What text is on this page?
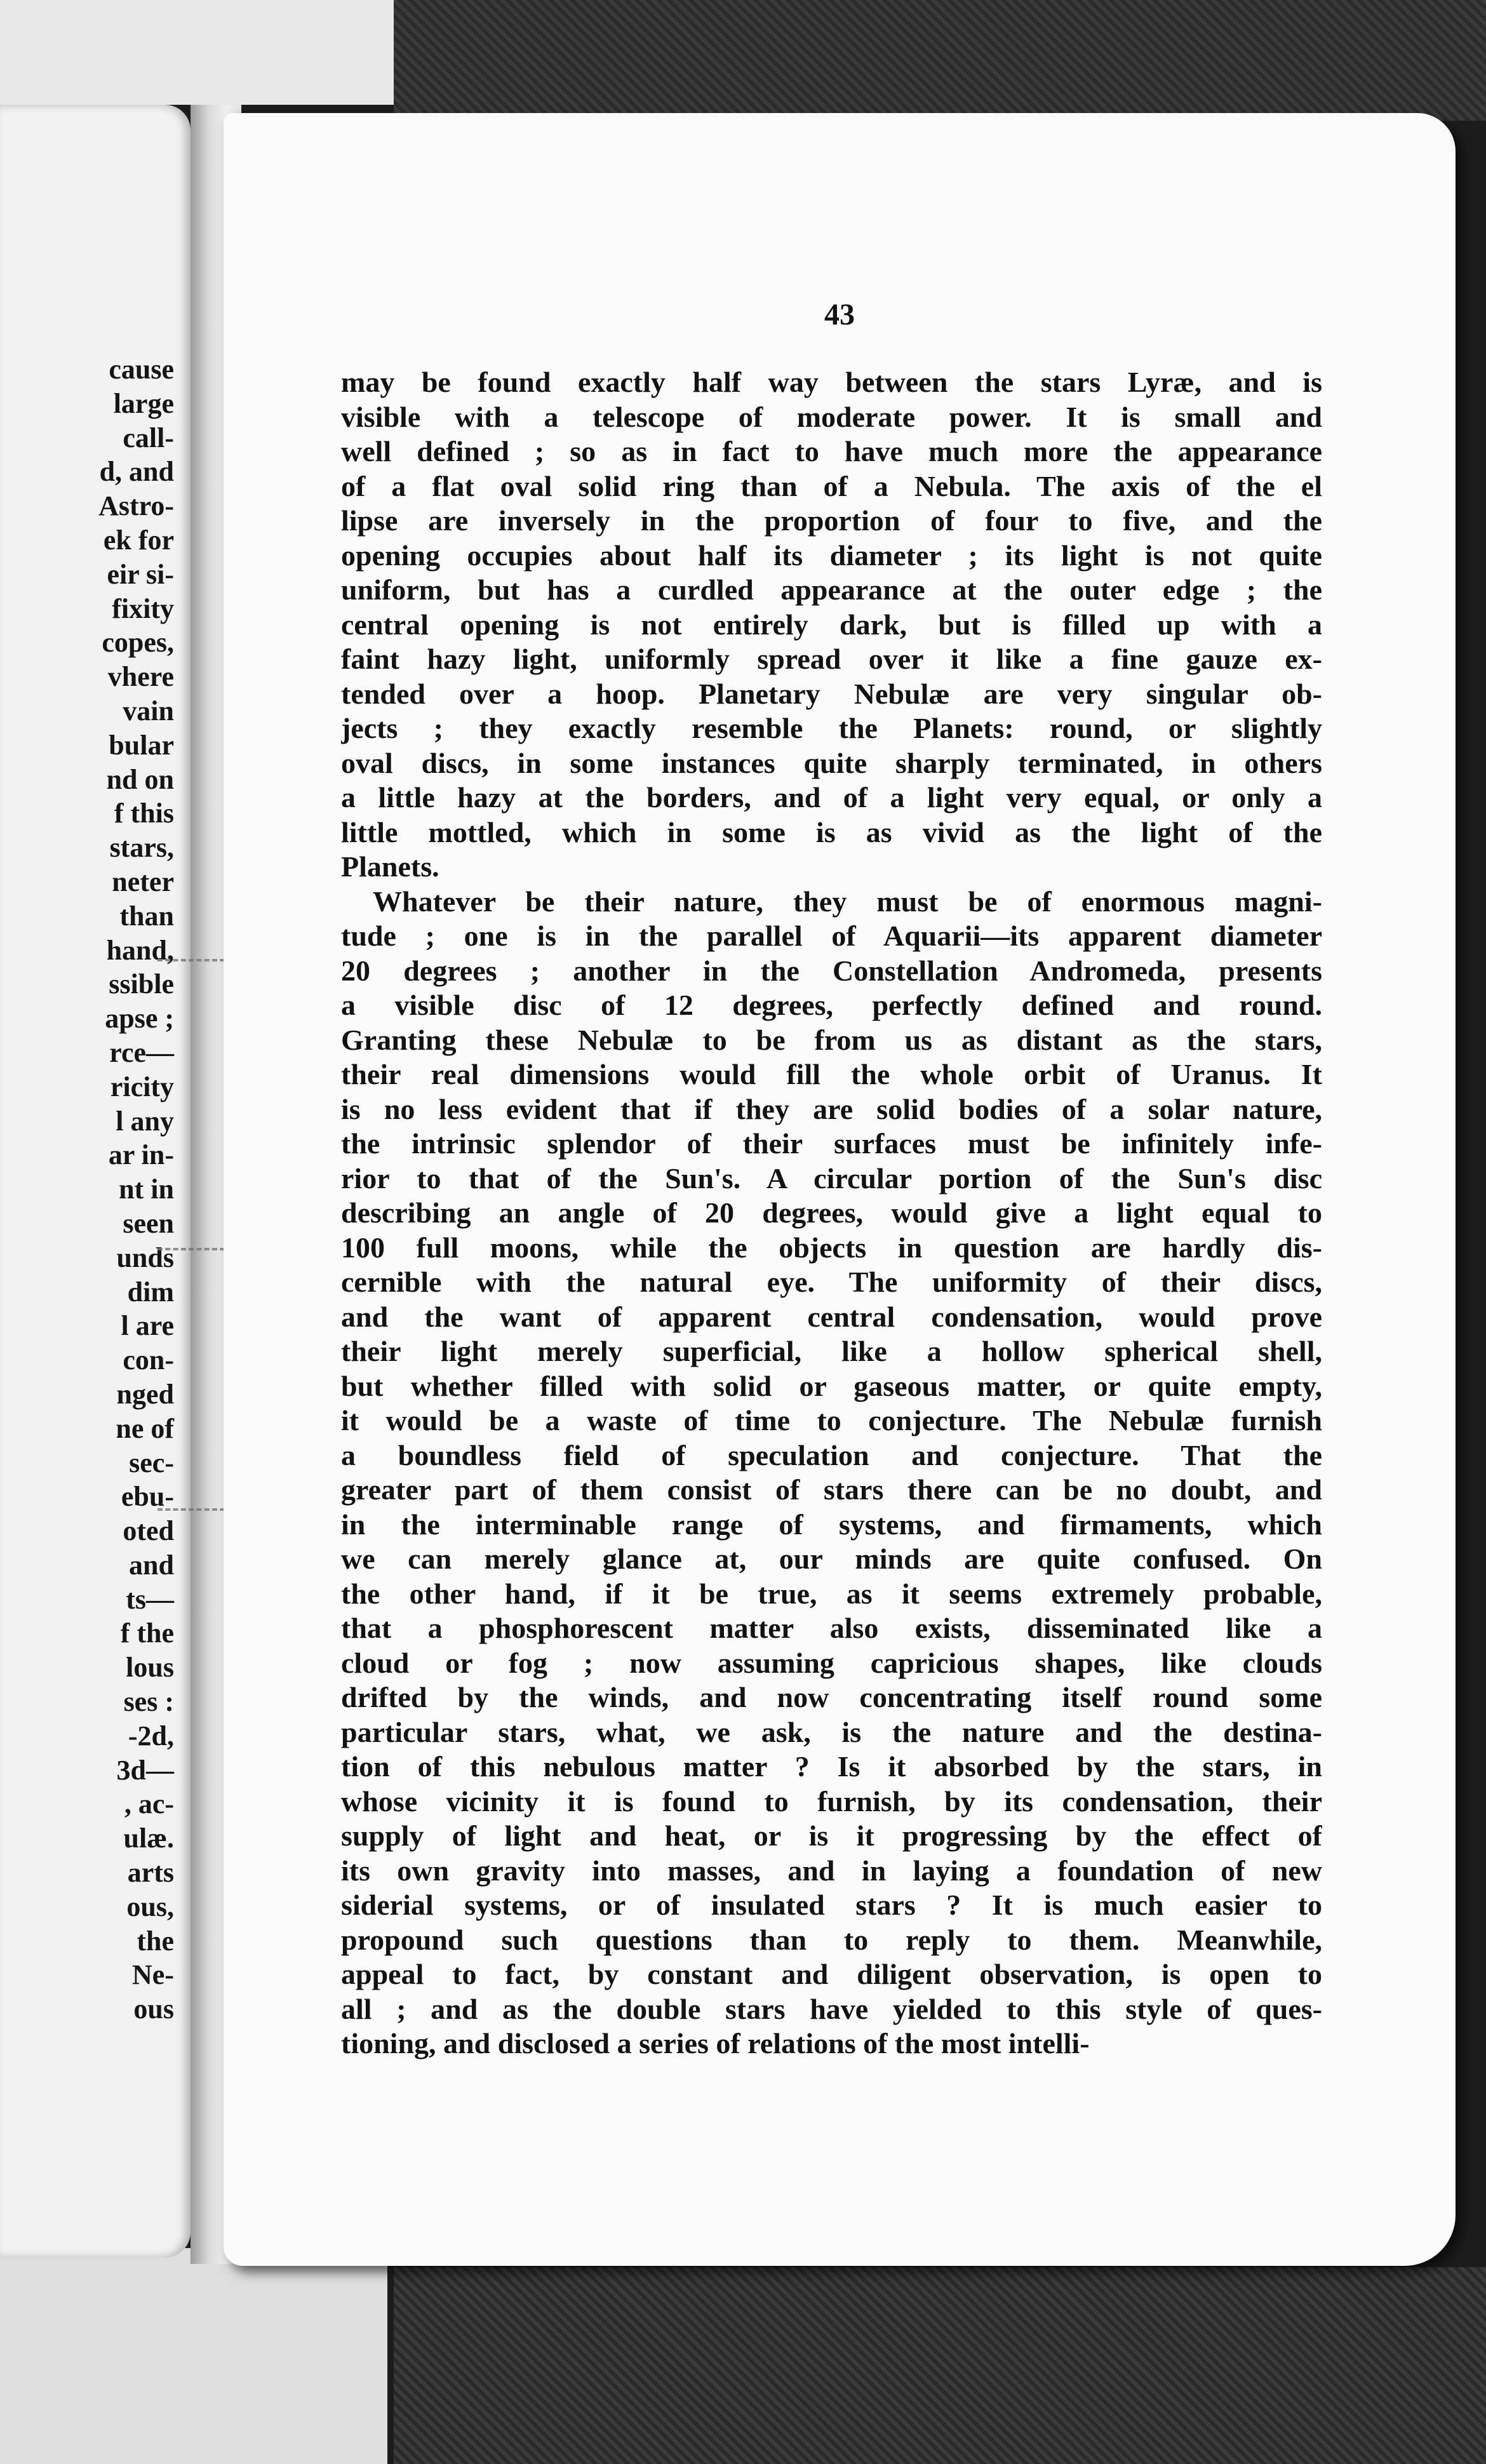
cause
large
call-
d, and
Astro-
ek for
eir si-
fixity
copes,
vhere
vain
bular
nd on
f this
stars,
neter
than
hand,
ssible
apse ;
rce—
ricity
l any
ar in-
nt in
seen
unds
dim
l are
con-
nged
ne of
sec-
ebu-
oted
and
ts—
f the
lous
ses :
-2d,
3d—
, ac-
ulæ.
arts
ous,
the
Ne-
ous
43

may be found exactly half way between the stars Lyræ, and is

visible with a telescope of moderate power. It is small and

well defined ; so as in fact to have much more the appearance

of a flat oval solid ring than of a Nebula. The axis of the el

lipse are inversely in the proportion of four to five, and the

opening occupies about half its diameter ; its light is not quite

uniform, but has a curdled appearance at the outer edge ; the

central opening is not entirely dark, but is filled up with a

faint hazy light, uniformly spread over it like a fine gauze ex-

tended over a hoop. Planetary Nebulæ are very singular ob-

jects ; they exactly resemble the Planets: round, or slightly

oval discs, in some instances quite sharply terminated, in others

a little hazy at the borders, and of a light very equal, or only a

little mottled, which in some is as vivid as the light of the

Planets.

Whatever be their nature, they must be of enormous magni-

tude ; one is in the parallel of Aquarii—its apparent diameter

20 degrees ; another in the Constellation Andromeda, presents

a visible disc of 12 degrees, perfectly defined and round.

Granting these Nebulæ to be from us as distant as the stars,

their real dimensions would fill the whole orbit of Uranus. It

is no less evident that if they are solid bodies of a solar nature,

the intrinsic splendor of their surfaces must be infinitely infe-

rior to that of the Sun's. A circular portion of the Sun's disc

describing an angle of 20 degrees, would give a light equal to

100 full moons, while the objects in question are hardly dis-

cernible with the natural eye. The uniformity of their discs,

and the want of apparent central condensation, would prove

their light merely superficial, like a hollow spherical shell,

but whether filled with solid or gaseous matter, or quite empty,

it would be a waste of time to conjecture. The Nebulæ furnish

a boundless field of speculation and conjecture. That the

greater part of them consist of stars there can be no doubt, and

in the interminable range of systems, and firmaments, which

we can merely glance at, our minds are quite confused. On

the other hand, if it be true, as it seems extremely probable,

that a phosphorescent matter also exists, disseminated like a

cloud or fog ; now assuming capricious shapes, like clouds

drifted by the winds, and now concentrating itself round some

particular stars, what, we ask, is the nature and the destina-

tion of this nebulous matter ? Is it absorbed by the stars, in

whose vicinity it is found to furnish, by its condensation, their

supply of light and heat, or is it progressing by the effect of

its own gravity into masses, and in laying a foundation of new

siderial systems, or of insulated stars ? It is much easier to

propound such questions than to reply to them. Meanwhile,

appeal to fact, by constant and diligent observation, is open to

all ; and as the double stars have yielded to this style of ques-

tioning, and disclosed a series of relations of the most intelli-
